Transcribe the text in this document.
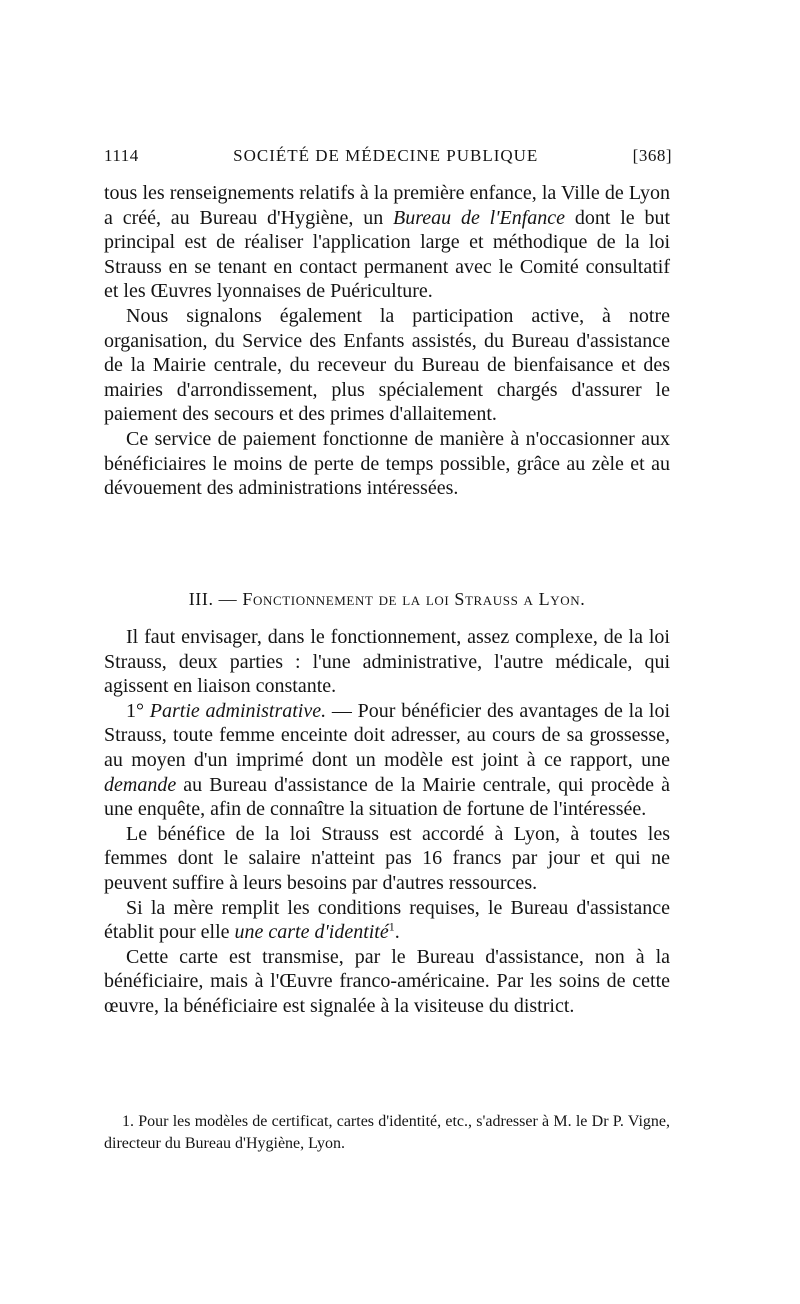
1114	SOCIÉTÉ DE MÉDECINE PUBLIQUE	[368]

tous les renseignements relatifs à la première enfance, la Ville de Lyon a créé, au Bureau d'Hygiène, un Bureau de l'Enfance dont le but principal est de réaliser l'application large et méthodique de la loi Strauss en se tenant en contact permanent avec le Comité consultatif et les Œuvres lyonnaises de Puériculture.

Nous signalons également la participation active, à notre organisation, du Service des Enfants assistés, du Bureau d'assistance de la Mairie centrale, du receveur du Bureau de bienfaisance et des mairies d'arrondissement, plus spécialement chargés d'assurer le paiement des secours et des primes d'allaitement.

Ce service de paiement fonctionne de manière à n'occasionner aux bénéficiaires le moins de perte de temps possible, grâce au zèle et au dévouement des administrations intéressées.

III. — Fonctionnement de la loi Strauss a Lyon.

Il faut envisager, dans le fonctionnement, assez complexe, de la loi Strauss, deux parties : l'une administrative, l'autre médicale, qui agissent en liaison constante.

1° Partie administrative. — Pour bénéficier des avantages de la loi Strauss, toute femme enceinte doit adresser, au cours de sa grossesse, au moyen d'un imprimé dont un modèle est joint à ce rapport, une demande au Bureau d'assistance de la Mairie centrale, qui procède à une enquête, afin de connaître la situation de fortune de l'intéressée.

Le bénéfice de la loi Strauss est accordé à Lyon, à toutes les femmes dont le salaire n'atteint pas 16 francs par jour et qui ne peuvent suffire à leurs besoins par d'autres ressources.

Si la mère remplit les conditions requises, le Bureau d'assistance établit pour elle une carte d'identité$^1$.

Cette carte est transmise, par le Bureau d'assistance, non à la bénéficiaire, mais à l'Œuvre franco-américaine. Par les soins de cette œuvre, la bénéficiaire est signalée à la visiteuse du district.

1. Pour les modèles de certificat, cartes d'identité, etc., s'adresser à M. le Dr P. Vigne, directeur du Bureau d'Hygiène, Lyon.
